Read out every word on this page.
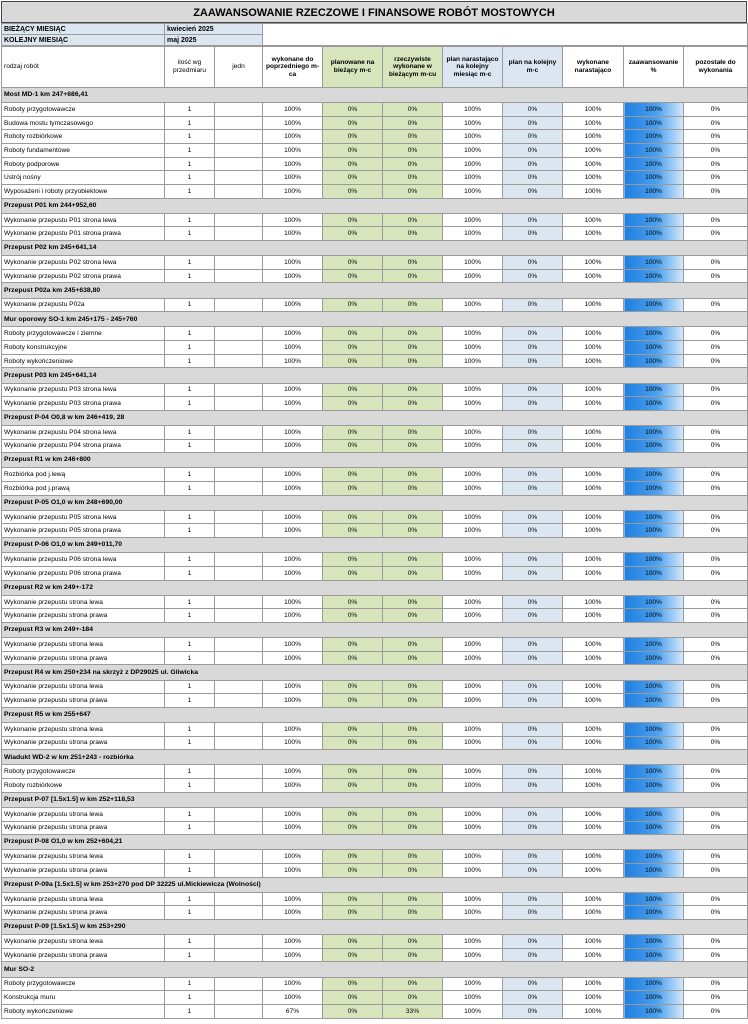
ZAAWANSOWANIE RZECZOWE I FINANSOWE ROBÓT MOSTOWYCH
BIEŻĄCY MIESIĄC	kwiecień 2025	
KOLEJNY MIESIĄC	maj 2025	
rodzaj robót	ilość wg przedmiaru	jedn	wykonane do poprzedniego m-ca	planowane na bieżący m-c	rzeczywiste wykonane w bieżącym m-cu	plan narastająco na kolejny miesiąc m-c	plan na kolejny m-c	wykonane narastająco	zaawansowanie %	pozostałe do wykonania
Most MD-1 km 247+686,41										
Roboty przygotowawcze	1		100%	0%	0%	100%	0%	100%	100%	0%
Budowa mostu tymczasowego	1		100%	0%	0%	100%	0%	100%	100%	0%
Roboty rozbiórkowe	1		100%	0%	0%	100%	0%	100%	100%	0%
Roboty fundamentowe	1		100%	0%	0%	100%	0%	100%	100%	0%
Roboty podporowe	1		100%	0%	0%	100%	0%	100%	100%	0%
Ustrój nośny	1		100%	0%	0%	100%	0%	100%	100%	0%
Wyposażeni i roboty przyobiektowe	1		100%	0%	0%	100%	0%	100%	100%	0%
Przepust P01 km 244+952,60										
Wykonanie przepustu P01 strona lewa	1		100%	0%	0%	100%	0%	100%	100%	0%
Wykonanie przepustu P01 strona prawa	1		100%	0%	0%	100%	0%	100%	100%	0%
Przepust P02 km 245+641,14										
Wykonanie przepustu P02 strona lewa	1		100%	0%	0%	100%	0%	100%	100%	0%
Wykonanie przepustu P02 strona prawa	1		100%	0%	0%	100%	0%	100%	100%	0%
Przepust P02a km 245+638,80										
Wykonanie przepustu P02a	1		100%	0%	0%	100%	0%	100%	100%	0%
Mur oporowy SO-1 km 245+175 - 245+760										
Roboty przygotowawcze i ziemne	1		100%	0%	0%	100%	0%	100%	100%	0%
Roboty konstrukcyjne	1		100%	0%	0%	100%	0%	100%	100%	0%
Roboty wykończeniowe	1		100%	0%	0%	100%	0%	100%	100%	0%
Przepust P03 km 245+641,14										
Wykonanie przepustu P03 strona lewa	1		100%	0%	0%	100%	0%	100%	100%	0%
Wykonanie przepustu P03 strona prawa	1		100%	0%	0%	100%	0%	100%	100%	0%
Przepust P-04 O0,8 w km 246+419, 28										
Wykonanie przepustu P04 strona lewa	1		100%	0%	0%	100%	0%	100%	100%	0%
Wykonanie przepustu P04 strona prawa	1		100%	0%	0%	100%	0%	100%	100%	0%
Przepust R1 w km 246+800										
Rozbiórka pod j.lewą	1		100%	0%	0%	100%	0%	100%	100%	0%
Rozbiórka pod j.prawą	1		100%	0%	0%	100%	0%	100%	100%	0%
Przepust P-05 O1,0 w km 248+690,00										
Wykonanie przepustu P05 strona lewa	1		100%	0%	0%	100%	0%	100%	100%	0%
Wykonanie przepustu P05 strona prawa	1		100%	0%	0%	100%	0%	100%	100%	0%
Przepust P-06 O1,0 w km 249+011,70										
Wykonanie przepustu P06 strona lewa	1		100%	0%	0%	100%	0%	100%	100%	0%
Wykonanie przepustu P06 strona prawa	1		100%	0%	0%	100%	0%	100%	100%	0%
Przepust R2 w km 249+-172										
Wykonanie przepustu strona lewa	1		100%	0%	0%	100%	0%	100%	100%	0%
Wykonanie przepustu strona prawa	1		100%	0%	0%	100%	0%	100%	100%	0%
Przepust R3 w km 249+-184										
Wykonanie przepustu strona lewa	1		100%	0%	0%	100%	0%	100%	100%	0%
Wykonanie przepustu strona prawa	1		100%	0%	0%	100%	0%	100%	100%	0%
Przepust R4 w km 250+234 na skrzyż z DP29025 ul. Gliwicka										
Wykonanie przepustu strona lewa	1		100%	0%	0%	100%	0%	100%	100%	0%
Wykonanie przepustu strona prawa	1		100%	0%	0%	100%	0%	100%	100%	0%
Przepust R5 w km 255+647										
Wykonanie przepustu strona lewa	1		100%	0%	0%	100%	0%	100%	100%	0%
Wykonanie przepustu strona prawa	1		100%	0%	0%	100%	0%	100%	100%	0%
Wiadukt WD-2 w km 251+243 - rozbiórka										
Roboty przygotowawcze	1		100%	0%	0%	100%	0%	100%	100%	0%
Roboty rozbiórkowe	1		100%	0%	0%	100%	0%	100%	100%	0%
Przepust P-07 [1.5x1.5] w km 252+118,53										
Wykonanie przepustu strona lewa	1		100%	0%	0%	100%	0%	100%	100%	0%
Wykonanie przepustu strona prawa	1		100%	0%	0%	100%	0%	100%	100%	0%
Przepust P-08 O1,0 w km 252+604,21										
Wykonanie przepustu strona lewa	1		100%	0%	0%	100%	0%	100%	100%	0%
Wykonanie przepustu strona prawa	1		100%	0%	0%	100%	0%	100%	100%	0%
Przepust P-09a [1.5x1.5] w km 253+270 pod DP 32225 ul.Mickiewicza (Wolności)										
Wykonanie przepustu strona lewa	1		100%	0%	0%	100%	0%	100%	100%	0%
Wykonanie przepustu strona prawa	1		100%	0%	0%	100%	0%	100%	100%	0%
Przepust P-09 [1.5x1.5] w km 253+290										
Wykonanie przepustu strona lewa	1		100%	0%	0%	100%	0%	100%	100%	0%
Wykonanie przepustu strona prawa	1		100%	0%	0%	100%	0%	100%	100%	0%
Mur SO-2										
Roboty przygotowawcze	1		100%	0%	0%	100%	0%	100%	100%	0%
Konstrukcja muru	1		100%	0%	0%	100%	0%	100%	100%	0%
Roboty wykończeniowe	1		67%	0%	33%	100%	0%	100%	100%	0%
